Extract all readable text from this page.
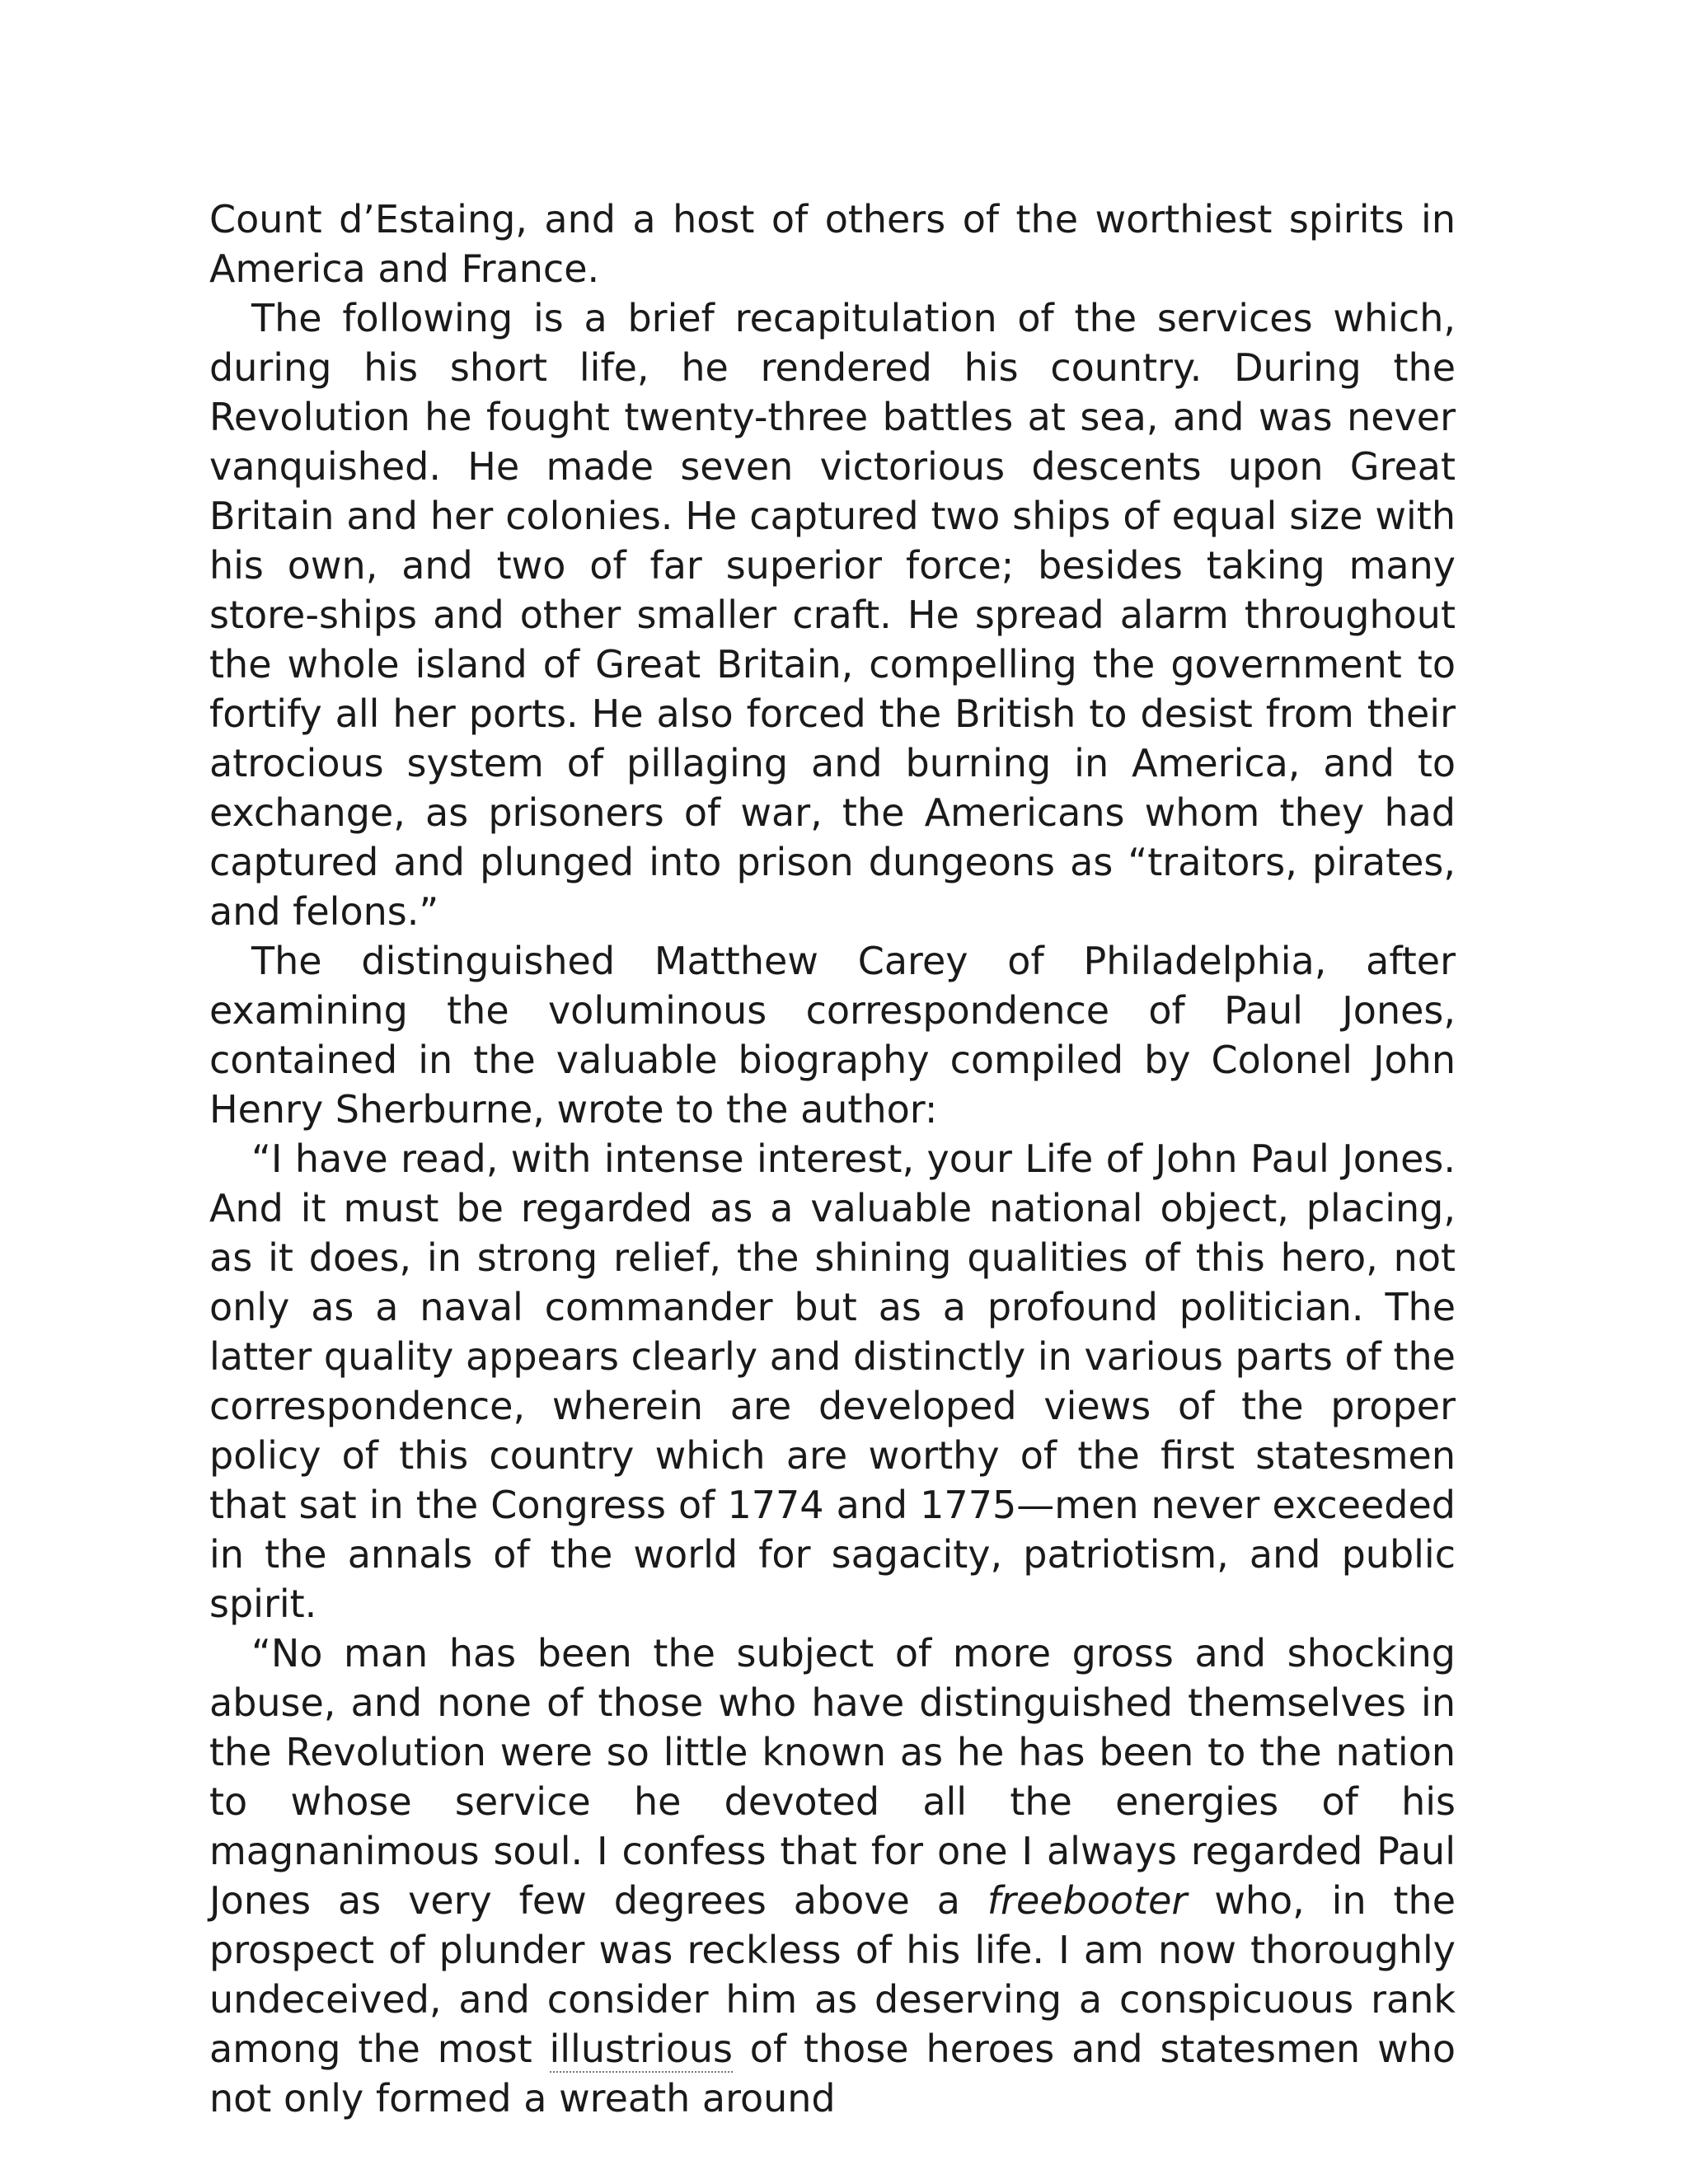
Count d’Estaing, and a host of others of the worthiest spirits in America and France.

The following is a brief recapitulation of the services which, during his short life, he rendered his country. During the Revolution he fought twenty-three battles at sea, and was never vanquished. He made seven victorious descents upon Great Britain and her colonies. He captured two ships of equal size with his own, and two of far superior force; besides taking many store-ships and other smaller craft. He spread alarm throughout the whole island of Great Britain, compelling the government to fortify all her ports. He also forced the British to desist from their atrocious system of pillaging and burning in America, and to exchange, as prisoners of war, the Americans whom they had captured and plunged into prison dungeons as “traitors, pirates, and felons.”

The distinguished Matthew Carey of Philadelphia, after examining the voluminous correspondence of Paul Jones, contained in the valuable biography compiled by Colonel John Henry Sherburne, wrote to the author:

“I have read, with intense interest, your Life of John Paul Jones. And it must be regarded as a valuable national object, placing, as it does, in strong relief, the shining qualities of this hero, not only as a naval commander but as a profound politician. The latter quality appears clearly and distinctly in various parts of the correspondence, wherein are developed views of the proper policy of this country which are worthy of the first statesmen that sat in the Congress of 1774 and 1775—men never exceeded in the annals of the world for sagacity, patriotism, and public spirit.

“No man has been the subject of more gross and shocking abuse, and none of those who have distinguished themselves in the Revolution were so little known as he has been to the nation to whose service he devoted all the energies of his magnanimous soul. I confess that for one I always regarded Paul Jones as very few degrees above a freebooter who, in the prospect of plunder was reckless of his life. I am now thoroughly undeceived, and consider him as deserving a conspicuous rank among the most illustrious of those heroes and statesmen who not only formed a wreath around
